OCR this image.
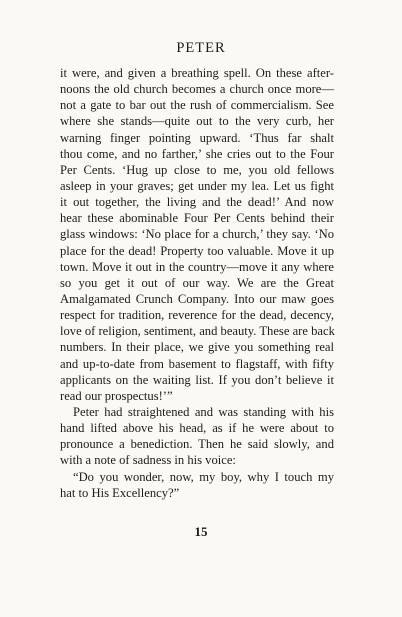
PETER
it were, and given a breathing spell. On these after-
noons the old church becomes a church once more—
not a gate to bar out the rush of commercialism. See
where she stands—quite out to the very curb, her
warning finger pointing upward. ‘Thus far shalt
thou come, and no farther,’ she cries out to the Four
Per Cents. ‘Hug up close to me, you old fellows
asleep in your graves; get under my lea. Let us fight
it out together, the living and the dead!’ And now
hear these abominable Four Per Cents behind their
glass windows: ‘No place for a church,’ they say. ‘No
place for the dead! Property too valuable. Move it up
town. Move it out in the country—move it any where
so you get it out of our way. We are the Great
Amalgamated Crunch Company. Into our maw goes
respect for tradition, reverence for the dead, decency,
love of religion, sentiment, and beauty. These are back
numbers. In their place, we give you something real
and up-to-date from basement to flagstaff, with fifty
applicants on the waiting list. If you don’t believe it
read our prospectus!’”
Peter had straightened and was standing with his
hand lifted above his head, as if he were about to
pronounce a benediction. Then he said slowly, and
with a note of sadness in his voice:
“Do you wonder, now, my boy, why I touch my
hat to His Excellency?”
15
